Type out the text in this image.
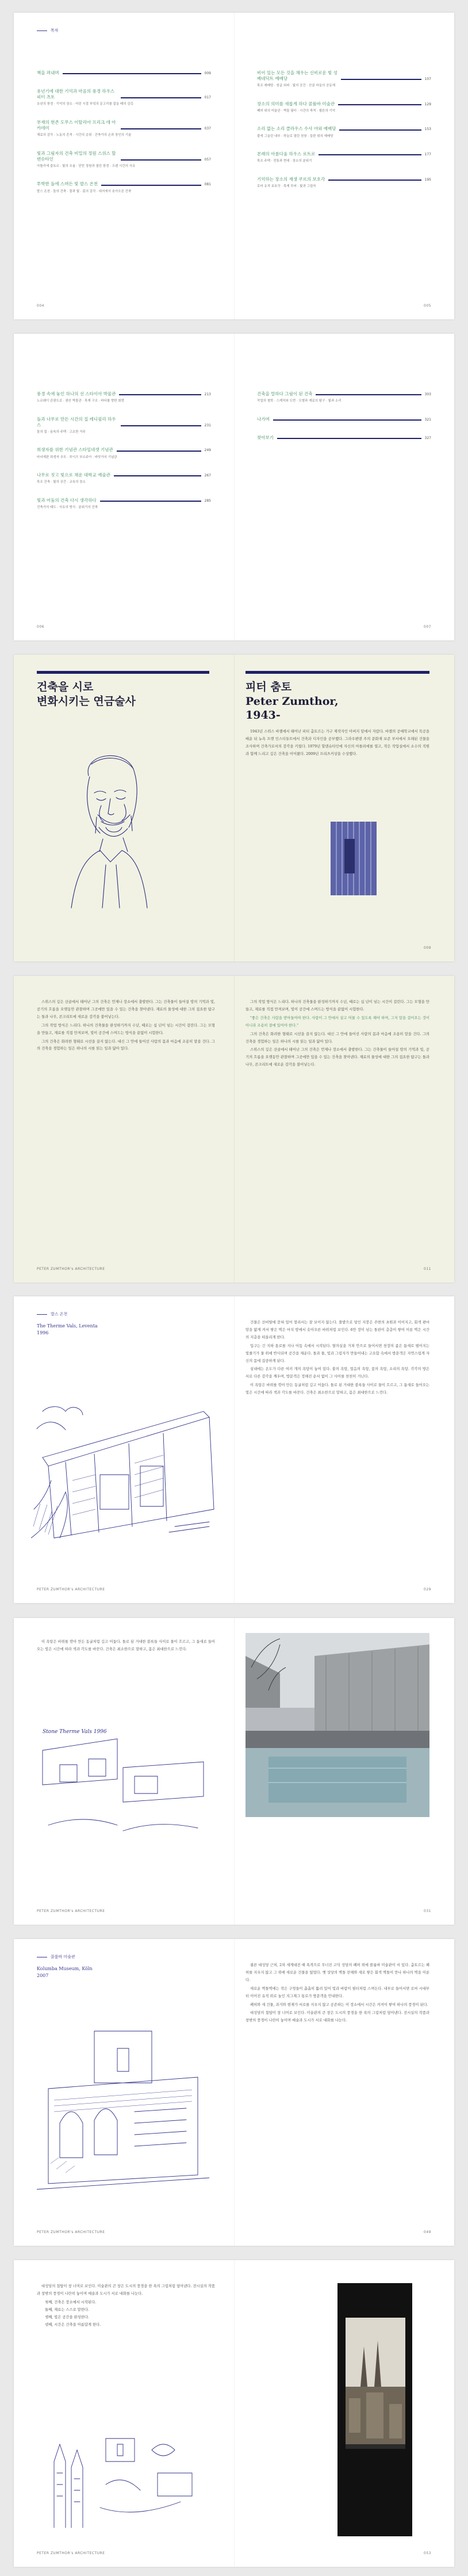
목차
책을 펴내며	009
유년기에 대한 기억과 마음의 풍경 하우스 피터 츠토	017
유년의 풍경 · 기억의 장소 · 어린 시절 부엌의 문고리를 잡을 때의 감촉
부재의 현존 도무스 이탈리아 프리크 데 아카데미	037
재료의 감각 · 노동의 흔적 · 시간의 층위 · 건축가의 손과 장인의 기술
빛과 그림자의 건축 비밀의 정원 스위스 할덴슈타인	057
아틀리에 춤토르 · 빛의 조율 · 닫힌 정원과 열린 풍경 · 오랜 시간의 사유
투박한 돌에 스며든 빛 발스 온천	081
발스 온천 · 돌의 건축 · 물과 빛 · 몸의 감각 · 대지에서 솟아오른 건축
004
비어 있는 모든 것을 채우는 신비로운 빛 성 베네딕트 예배당	107
목조 예배당 · 슁글 외피 · 빛의 공간 · 산골 마을의 공동체
장소의 의미를 새롭게 하다 콜룸바 미술관	129
폐허 위의 미술관 · 벽돌 필터 · 시간의 축적 · 쾰른의 기억
소리 없는 소리 클라우스 수사 야외 예배당	153
불에 그을린 내부 · 하늘로 열린 천창 · 들판 위의 예배당
본래의 아름다움 하우스 로트로	177
목조 주택 · 전통과 현대 · 장소의 분위기
기억하는 장소의 재생 쿠르의 보호각	195
로마 유적 보호각 · 목재 루버 · 빛과 그림자
005
풍경 속에 놓인 하나의 선 스타이아 박물관	213
노르웨이 관광도로 · 광산 박물관 · 목재 구조 · 바다를 향한 회랑
돌과 나무로 만든 시간의 집 레디필리 하우스	231
돌의 집 · 숲속의 주택 · 고요한 거주
희생자를 위한 기념관 스타일네셋 기념관	249
마녀재판 희생자 추모 · 루이즈 부르주아 · 바닷가의 기념관
나무로 짓고 빛으로 채운 대학교 예술관	267
목조 건축 · 빛의 공간 · 교육의 장소
빛과 어둠의 건축 다시 생각하다	285
건축가의 태도 · 사유의 방식 · 분위기의 건축
006
건축을 말하다 그림이 된 건축	303
작업의 철학 · 스케치와 도면 · 모형과 재료의 탐구 · 빛과 소리
나가며	321
찾아보기	327
007
건축을 시로
변화시키는 연금술사
피터 춤토
Peter Zumthor,
1943-

1943년 스위스 바젤에서 태어난 피터 춤토르는 가구 제작자인 아버지 밑에서 자랐다. 바젤의 공예학교에서 목공을 배운 뒤 뉴욕 프랫 인스티튜트에서 건축과 디자인을 공부했다. 그라우뷘덴 주의 문화재 보존 부서에서 오래된 건물을 조사하며 건축가로서의 감각을 키웠다. 1979년 할덴슈타인에 자신의 아틀리에를 열고, 작은 작업실에서 소수의 직원과 함께 느리고 깊은 건축을 이어왔다. 2009년 프리츠커상을 수상했다.

009

스위스의 깊은 산골에서 태어난 그의 건축은 언제나 장소에서 출발한다. 그는 건축물이 들어설 땅의 기억과 빛, 공기의 흐름을 오랫동안 관찰하며 그곳에만 있을 수 있는 건축을 찾아낸다. 재료의 물성에 대한 그의 집요한 탐구는 돌과 나무, 콘크리트에 새로운 감각을 불어넣는다.

그의 작업 방식은 느리다. 하나의 건축물을 완성하기까지 수년, 때로는 십 년이 넘는 시간이 걸린다. 그는 모형을 만들고, 재료를 직접 만져보며, 빛이 공간에 스며드는 방식을 끝없이 시험한다.

그의 건축은 화려한 형태로 시선을 끌지 않는다. 대신 그 안에 들어선 사람의 몸과 마음에 조용히 말을 건다. 그의 건축을 경험하는 일은 하나의 시를 읽는 일과 닮아 있다.

PETER ZUMTHOR's ARCHITECTURE

그의 작업 방식은 느리다. 하나의 건축물을 완성하기까지 수년, 때로는 십 년이 넘는 시간이 걸린다. 그는 모형을 만들고, 재료를 직접 만져보며, 빛이 공간에 스며드는 방식을 끝없이 시험한다.

"좋은 건축은 사람을 받아들여야 한다. 사람이 그 안에서 살고 머물 수 있도록 해야 하며, 그저 말을 걸어오는 것이 아니라 조용히 곁에 있어야 한다."

그의 건축은 화려한 형태로 시선을 끌지 않는다. 대신 그 안에 들어선 사람의 몸과 마음에 조용히 말을 건다. 그의 건축을 경험하는 일은 하나의 시를 읽는 일과 닮아 있다.

스위스의 깊은 산골에서 태어난 그의 건축은 언제나 장소에서 출발한다. 그는 건축물이 들어설 땅의 기억과 빛, 공기의 흐름을 오랫동안 관찰하며 그곳에만 있을 수 있는 건축을 찾아낸다. 재료의 물성에 대한 그의 집요한 탐구는 돌과 나무, 콘크리트에 새로운 감각을 불어넣는다.

011
발스 온천
The Therme Vals, Leventa
1996
PETER ZUMTHOR's ARCHITECTURE

건물은 산비탈에 묻혀 있어 멀리서는 잘 보이지 않는다. 풀밭으로 덮인 지붕은 주변의 초원과 이어지고, 회색 편마암을 얇게 켜서 쌓은 벽은 마치 땅에서 솟아오른 바위처럼 보인다. 6만 장이 넘는 돌판이 층층이 쌓여 이룬 벽은 시간의 지층을 떠올리게 한다.

입구는 긴 지하 통로를 지나 어둠 속에서 시작된다. 탈의실을 거쳐 안으로 들어서면 천장의 좁은 틈새로 떨어지는 빛줄기가 물 위에 반사되며 공간을 채운다. 돌과 물, 빛과 그림자가 만들어내는 고요함 속에서 방문객은 자연스럽게 자신의 몸에 집중하게 된다.

실내에는 온도가 다른 여러 개의 욕탕이 놓여 있다. 불의 욕탕, 얼음의 욕탕, 꽃의 욕탕, 소리의 욕탕. 각각의 방은 서로 다른 감각을 깨우며, 방문객은 정해진 순서 없이 그 사이를 천천히 거닌다.

이 욕탕은 바위를 깎아 만든 동굴처럼 깊고 어둡다. 돌로 된 거대한 블록들 사이로 물이 흐르고, 그 틈새로 들어오는 빛은 시간에 따라 색과 각도를 바꾼다. 건축은 최소한으로 말하고, 몸은 최대한으로 느낀다.

029

이 욕탕은 바위를 깎아 만든 동굴처럼 깊고 어둡다. 돌로 된 거대한 블록들 사이로 물이 흐르고, 그 틈새로 들어오는 빛은 시간에 따라 색과 각도를 바꾼다. 건축은 최소한으로 말하고, 몸은 최대한으로 느낀다.

Stone Therme Vals 1996
PETER ZUMTHOR's ARCHITECTURE	031
콜룸바 미술관
Kolumba Museum, Köln
2007
PETER ZUMTHOR's ARCHITECTURE

쾰른 대성당 근처, 2차 세계대전 때 폭격으로 무너진 고딕 성당의 폐허 위에 콜룸바 미술관이 서 있다. 춤토르는 폐허를 지우지 않고 그 위에 새로운 건물을 얹었다. 옛 성당의 벽돌 잔해와 새로 쌓은 회색 벽돌이 만나 하나의 벽을 이룬다.

새로운 벽돌벽에는 작은 구멍들이 촘촘히 뚫려 있어 빛과 바람이 필터처럼 스며든다. 내부로 들어서면 로마 시대부터 이어진 유적 위로 놓인 지그재그 통로가 방문객을 안내한다.

폐허와 새 건물, 과거와 현재가 서로를 지우지 않고 공존하는 이 장소에서 시간은 켜켜이 쌓여 하나의 풍경이 된다.

대성당의 첨탑이 창 너머로 보인다. 미술관의 큰 창은 도시의 풍경을 한 폭의 그림처럼 담아낸다. 전시실의 작품과 창밖의 풍경이 나란히 놓이며 예술과 도시가 서로 대화를 나눈다.

049

대성당의 첨탑이 창 너머로 보인다. 미술관의 큰 창은 도시의 풍경을 한 폭의 그림처럼 담아낸다. 전시실의 작품과 창밖의 풍경이 나란히 놓이며 예술과 도시가 서로 대화를 나눈다.

첫째, 건축은 장소에서 시작된다.
둘째, 재료는 스스로 말한다.
셋째, 빛은 공간을 완성한다.
넷째, 시간은 건축을 아름답게 한다.
PETER ZUMTHOR's ARCHITECTURE	053
